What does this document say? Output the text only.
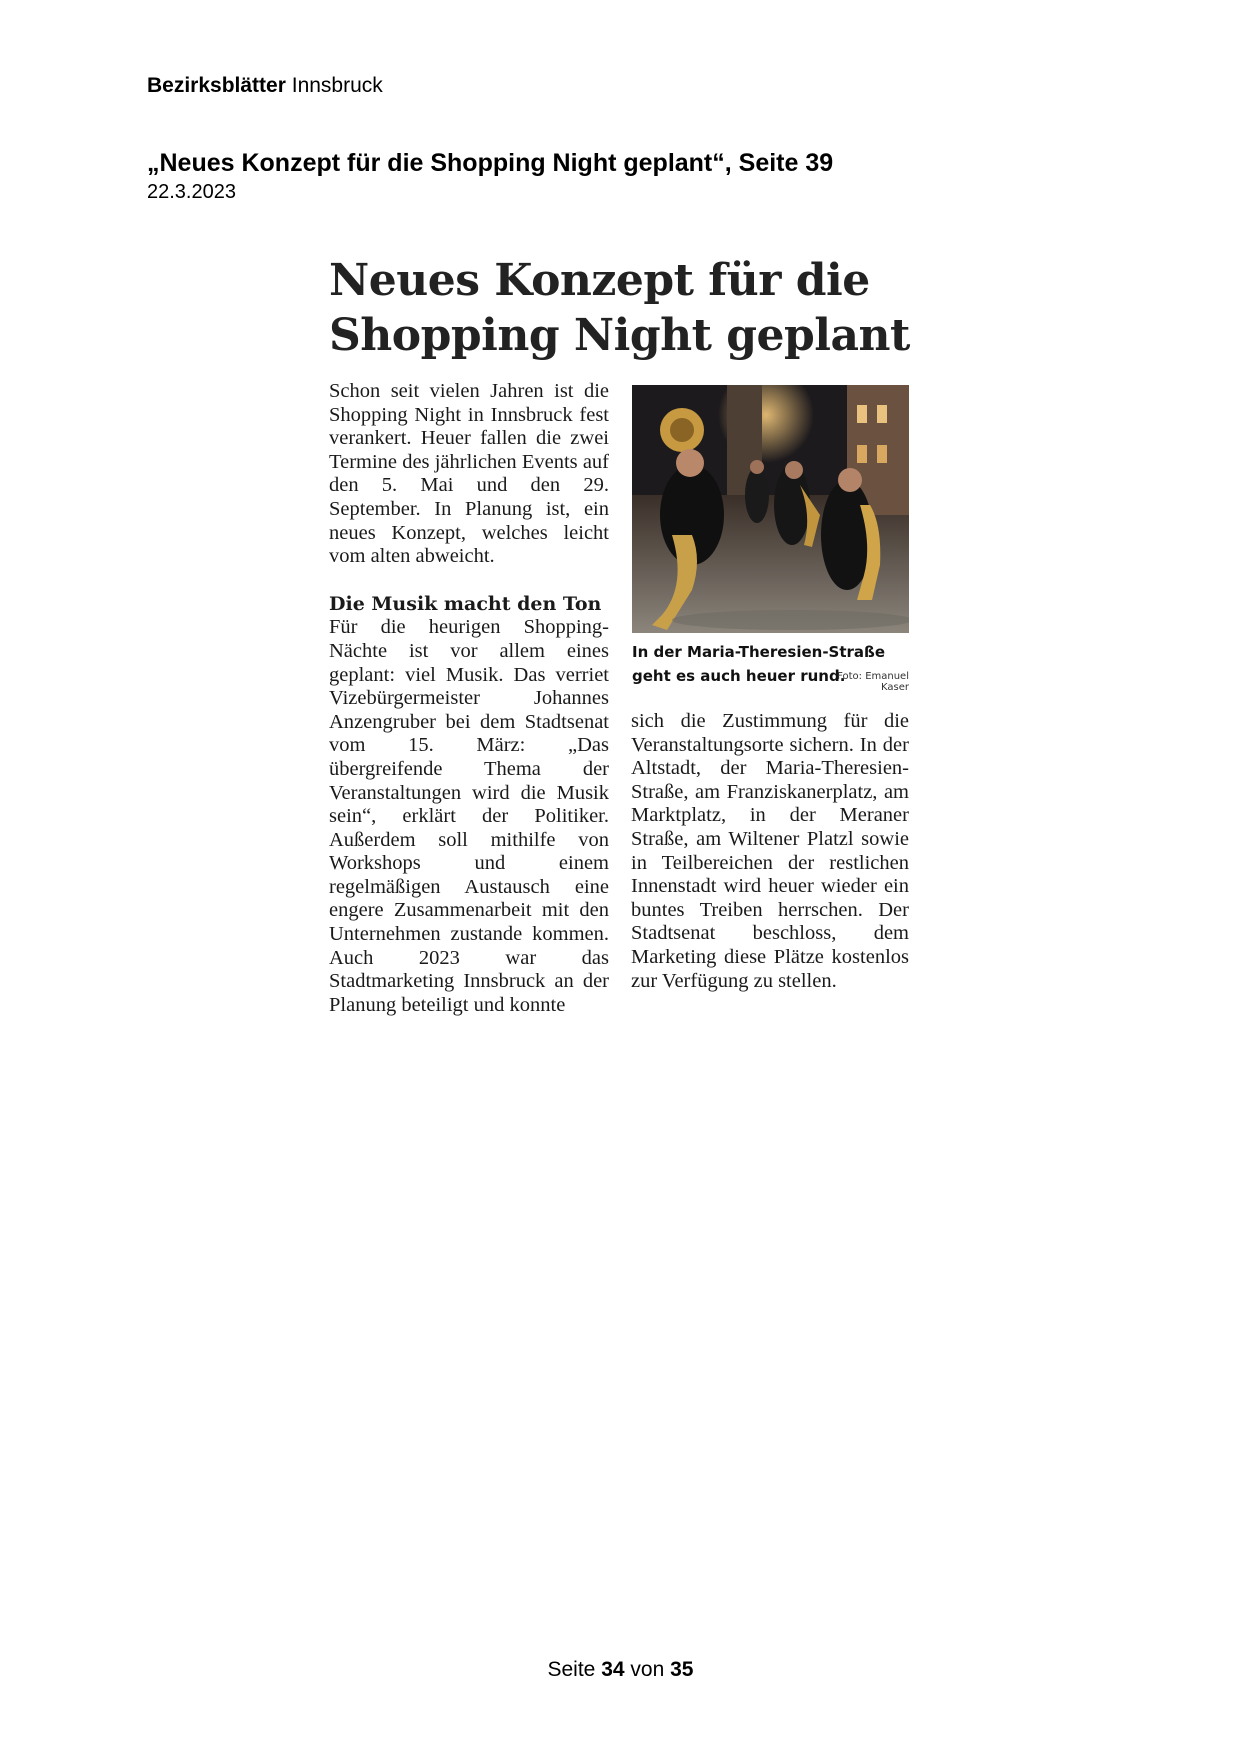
Bezirksblätter Innsbruck
„Neues Konzept für die Shopping Night geplant“, Seite 39
22.3.2023
Neues Konzept für die
Shopping Night geplant

Schon seit vielen Jahren ist die Shopping Night in Innsbruck fest verankert. Heuer fallen die zwei Termine des jährlichen Events auf den 5. Mai und den 29. September. In Planung ist, ein neues Konzept, welches leicht vom alten abweicht.

Die Musik macht den Ton

Für die heurigen Shopping-Nächte ist vor allem eines geplant: viel Musik. Das verriet Vizebürgermeister Johannes Anzengruber bei dem Stadtsenat vom 15. März: „Das übergreifende Thema der Veranstaltungen wird die Musik sein“, erklärt der Politiker. Außerdem soll mithilfe von Workshops und einem regelmäßigen Austausch eine engere Zusammenarbeit mit den Unternehmen zustande kommen. Auch 2023 war das Stadtmarketing Innsbruck an der Planung beteiligt und konnte

In der Maria-Theresien-Straße geht es auch heuer rund.
Foto: Emanuel Kaser

sich die Zustimmung für die Veranstaltungsorte sichern. In der Altstadt, der Maria-Theresien-Straße, am Franziskanerplatz, am Marktplatz, in der Meraner Straße, am Wiltener Platzl sowie in Teilbereichen der restlichen Innenstadt wird heuer wieder ein buntes Treiben herrschen. Der Stadtsenat beschloss, dem Marketing diese Plätze kostenlos zur Verfügung zu stellen.

Seite 34 von 35
